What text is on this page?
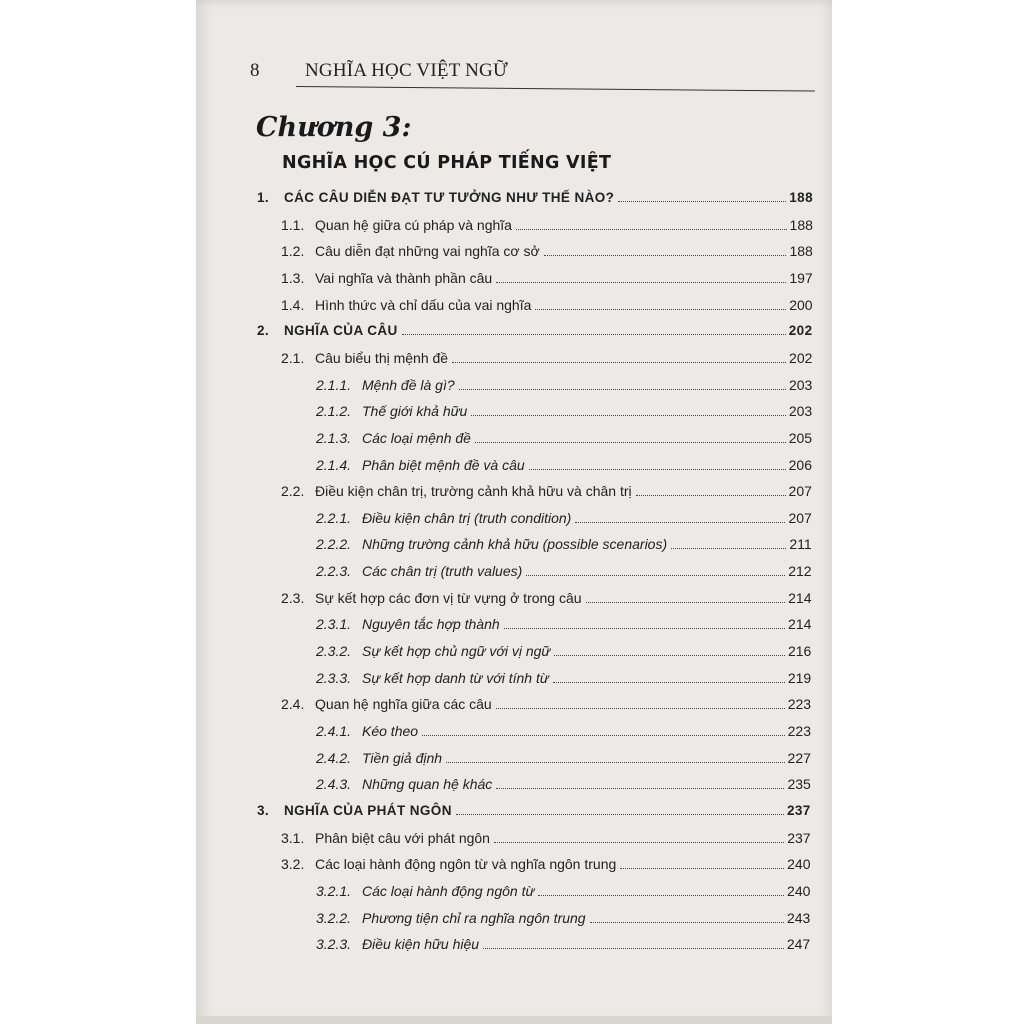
8 NGHĨA HỌC VIỆT NGỮ
Chương 3:
NGHĨA HỌC CÚ PHÁP TIẾNG VIỆT
1.	CÁC CÂU DIỄN ĐẠT TƯ TƯỞNG NHƯ THẾ NÀO?	188
1.1. Quan hệ giữa cú pháp và nghĩa	188
1.2. Câu diễn đạt những vai nghĩa cơ sở	188
1.3. Vai nghĩa và thành phần câu	197
1.4. Hình thức và chỉ dấu của vai nghĩa	200
2.	NGHĨA CỦA CÂU	202
2.1. Câu biểu thị mệnh đề	202
2.1.1. Mệnh đề là gì?	203
2.1.2. Thế giới khả hữu	203
2.1.3. Các loại mệnh đề	205
2.1.4. Phân biệt mệnh đề và câu	206
2.2. Điều kiện chân trị, trường cảnh khả hữu và chân trị	207
2.2.1. Điều kiện chân trị (truth condition)	207
2.2.2. Những trường cảnh khả hữu (possible scenarios)	211
2.2.3. Các chân trị (truth values)	212
2.3. Sự kết hợp các đơn vị từ vựng ở trong câu	214
2.3.1. Nguyên tắc hợp thành	214
2.3.2. Sự kết hợp chủ ngữ với vị ngữ	216
2.3.3. Sự kết hợp danh từ với tính từ	219
2.4. Quan hệ nghĩa giữa các câu	223
2.4.1. Kéo theo	223
2.4.2. Tiền giả định	227
2.4.3. Những quan hệ khác	235
3.	NGHĨA CỦA PHÁT NGÔN	237
3.1. Phân biệt câu với phát ngôn	237
3.2. Các loại hành động ngôn từ và nghĩa ngôn trung	240
3.2.1. Các loại hành động ngôn từ	240
3.2.2. Phương tiện chỉ ra nghĩa ngôn trung	243
3.2.3. Điều kiện hữu hiệu	247
